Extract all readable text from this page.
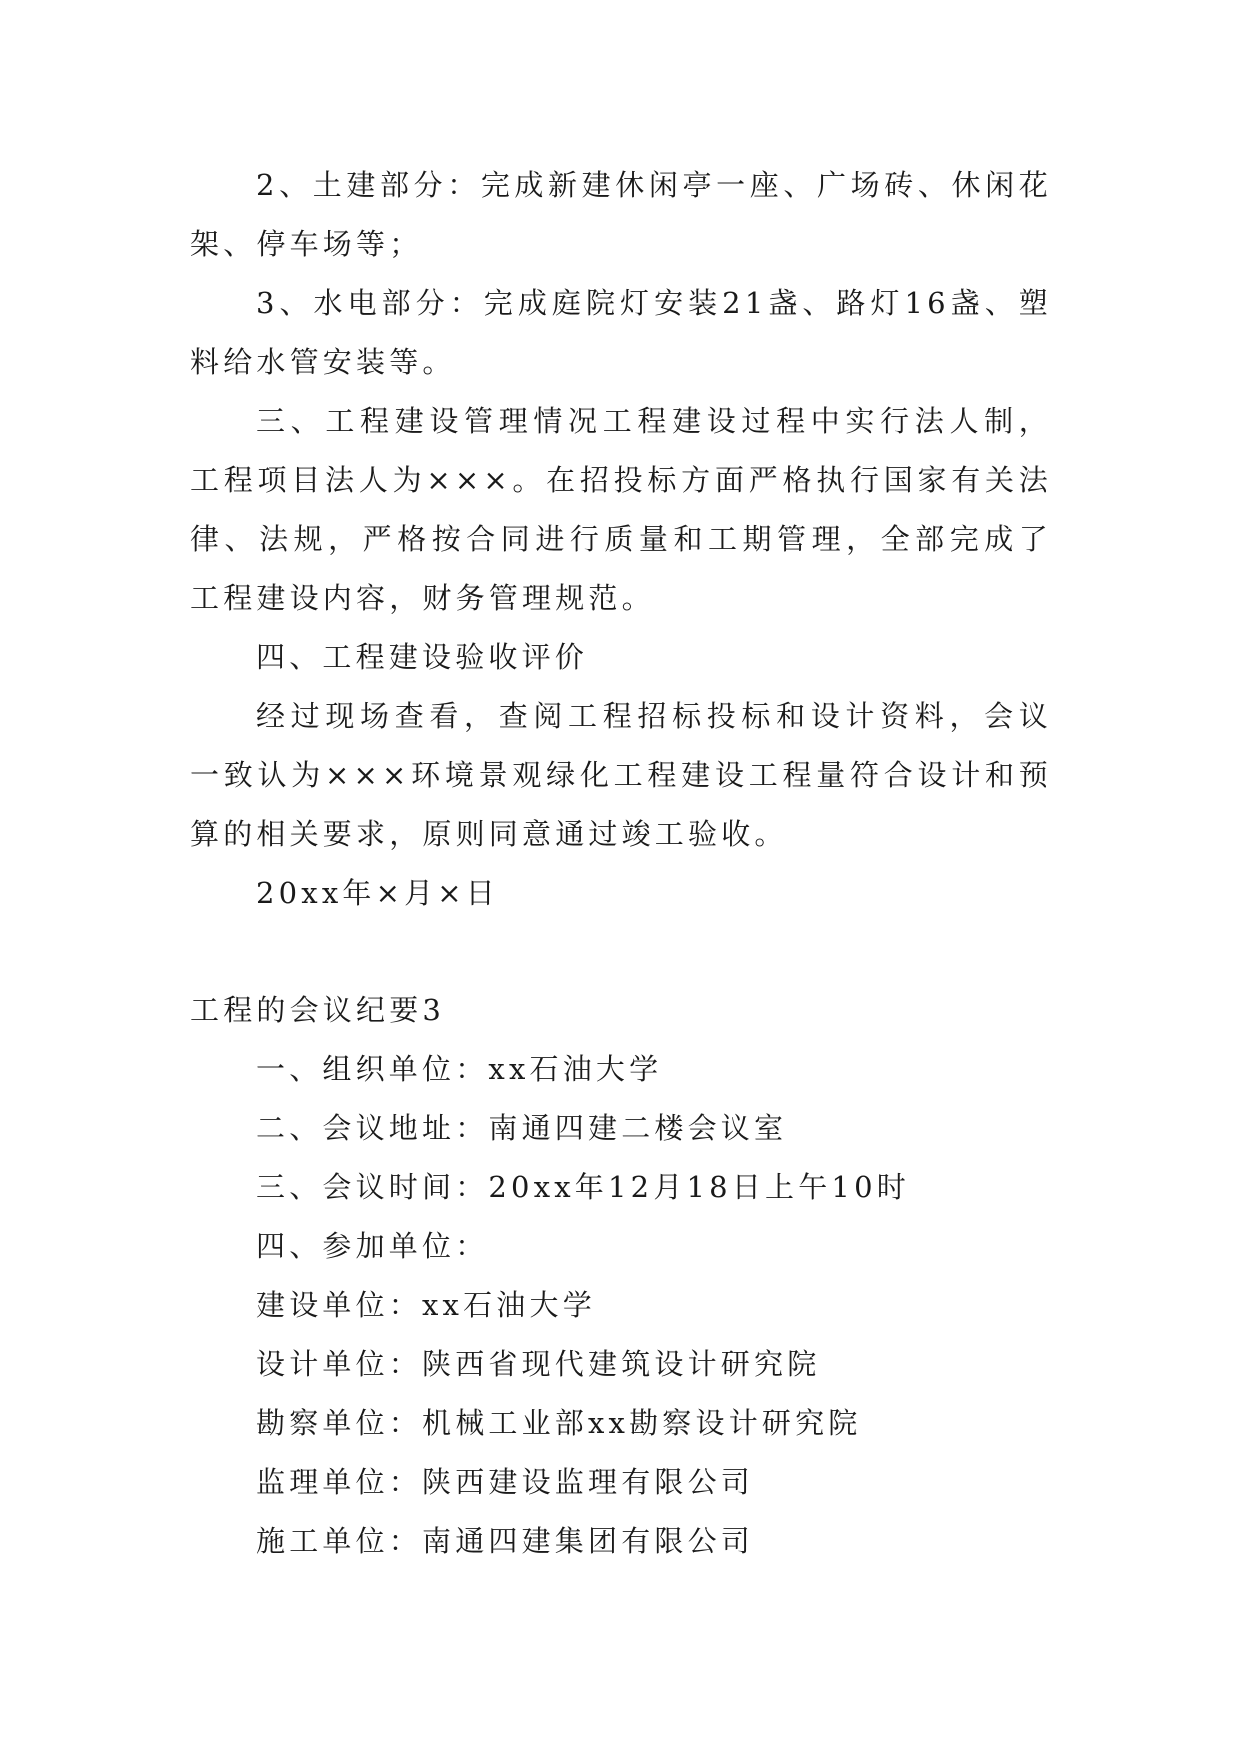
2、土建部分：完成新建休闲亭一座、广场砖、休闲花架、停车场等；

3、水电部分：完成庭院灯安装21盏、路灯16盏、塑料给水管安装等。

三、工程建设管理情况工程建设过程中实行法人制，工程项目法人为×××。在招投标方面严格执行国家有关法律、法规，严格按合同进行质量和工期管理，全部完成了工程建设内容，财务管理规范。

四、工程建设验收评价

经过现场查看，查阅工程招标投标和设计资料，会议一致认为×××环境景观绿化工程建设工程量符合设计和预算的相关要求，原则同意通过竣工验收。

20xx年×月×日

工程的会议纪要3

一、组织单位：xx石油大学

二、会议地址：南通四建二楼会议室

三、会议时间：20xx年12月18日上午10时

四、参加单位：

建设单位：xx石油大学

设计单位：陕西省现代建筑设计研究院

勘察单位：机械工业部xx勘察设计研究院

监理单位：陕西建设监理有限公司

施工单位：南通四建集团有限公司
